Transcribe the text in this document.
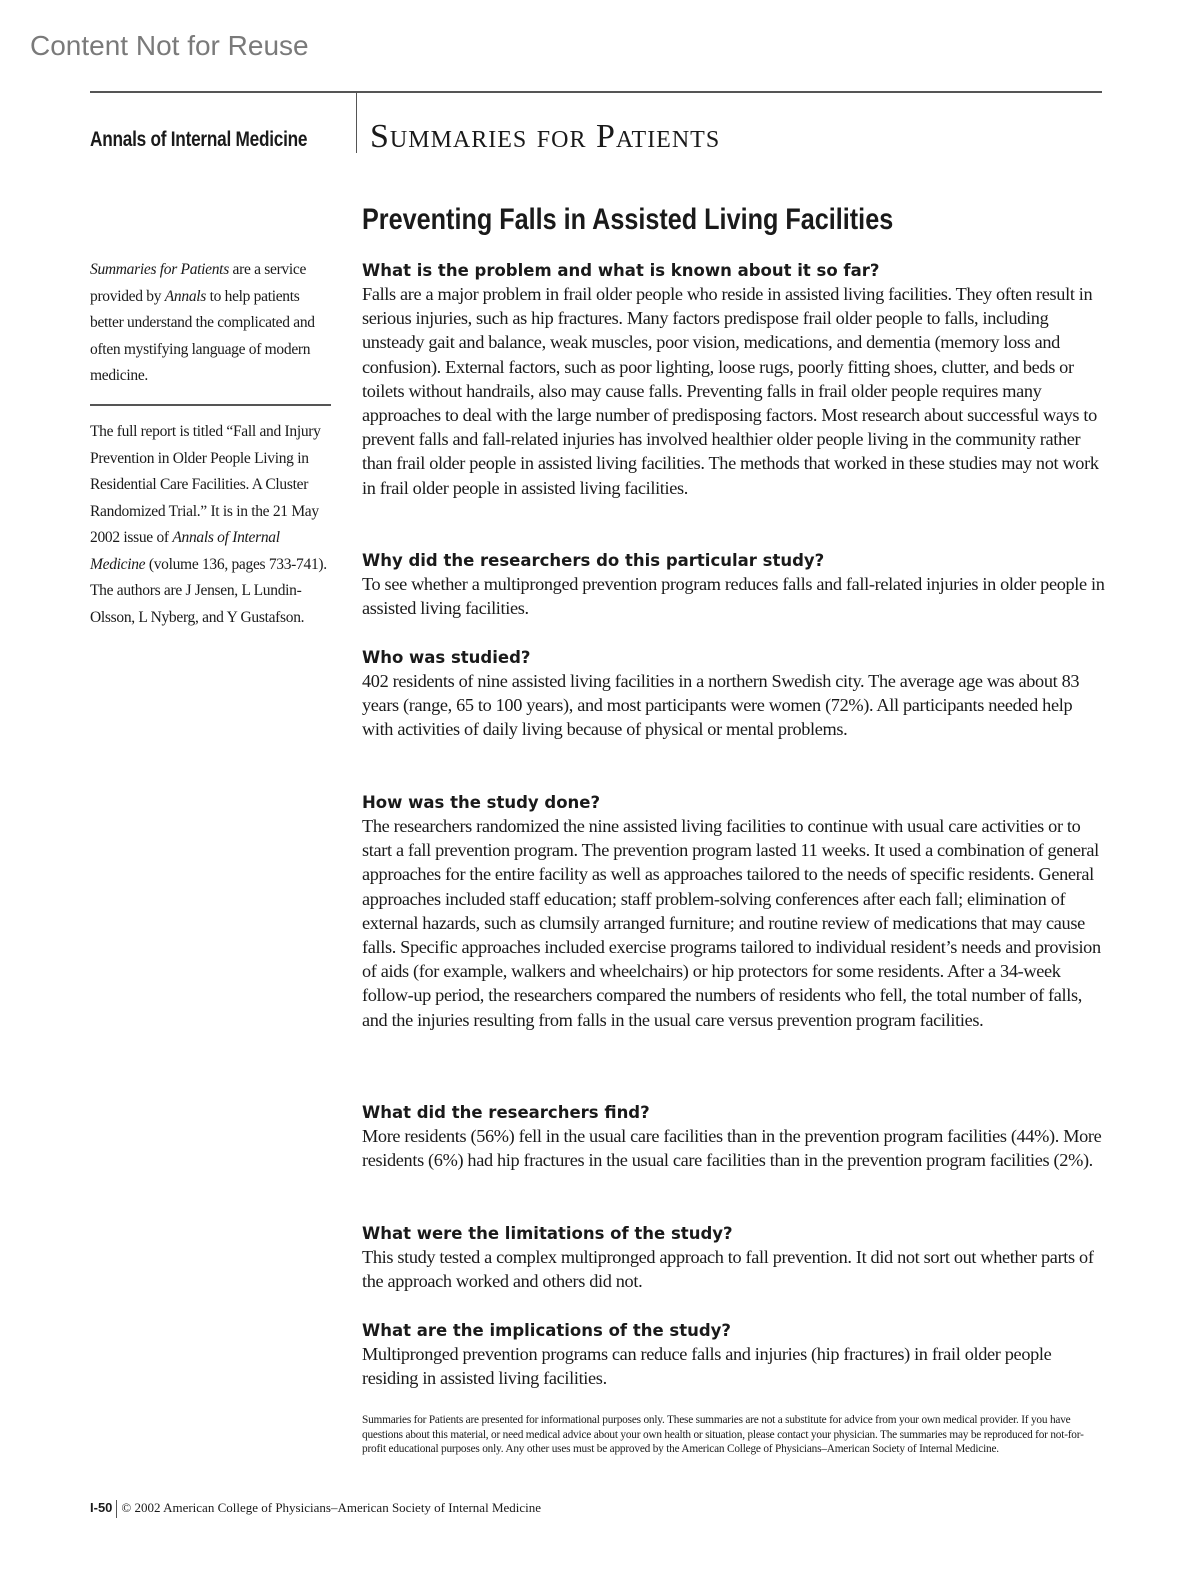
Content Not for Reuse
Annals of Internal Medicine Summaries for Patients
Preventing Falls in Assisted Living Facilities
Summaries for Patients are a service provided by Annals to help patients better understand the complicated and often mystifying language of modern medicine.
The full report is titled “Fall and Injury Prevention in Older People Living in Residential Care Facilities. A Cluster Randomized Trial.” It is in the 21 May 2002 issue of Annals of Internal Medicine (volume 136, pages 733-741). The authors are J Jensen, L Lundin-Olsson, L Nyberg, and Y Gustafson.
What is the problem and what is known about it so far?

Falls are a major problem in frail older people who reside in assisted living facilities. They often result in serious injuries, such as hip fractures. Many factors predispose frail older people to falls, including unsteady gait and balance, weak muscles, poor vision, medications, and dementia (memory loss and confusion). External factors, such as poor lighting, loose rugs, poorly fitting shoes, clutter, and beds or toilets without handrails, also may cause falls. Preventing falls in frail older people requires many approaches to deal with the large number of predisposing factors. Most research about successful ways to prevent falls and fall-related injuries has involved healthier older people living in the community rather than frail older people in assisted living facilities. The methods that worked in these studies may not work in frail older people in assisted living facilities.

Why did the researchers do this particular study?

To see whether a multipronged prevention program reduces falls and fall-related injuries in older people in assisted living facilities.

Who was studied?

402 residents of nine assisted living facilities in a northern Swedish city. The average age was about 83 years (range, 65 to 100 years), and most participants were women (72%). All participants needed help with activities of daily living because of physical or mental problems.

How was the study done?

The researchers randomized the nine assisted living facilities to continue with usual care activities or to start a fall prevention program. The prevention program lasted 11 weeks. It used a combination of general approaches for the entire facility as well as approaches tailored to the needs of specific residents. General approaches included staff education; staff problem-solving conferences after each fall; elimination of external hazards, such as clumsily arranged furniture; and routine review of medications that may cause falls. Specific approaches included exercise programs tailored to individual resident’s needs and provision of aids (for example, walkers and wheelchairs) or hip protectors for some residents. After a 34-week follow-up period, the researchers compared the numbers of residents who fell, the total number of falls, and the injuries resulting from falls in the usual care versus prevention program facilities.

What did the researchers find?

More residents (56%) fell in the usual care facilities than in the prevention program facilities (44%). More residents (6%) had hip fractures in the usual care facilities than in the prevention program facilities (2%).

What were the limitations of the study?

This study tested a complex multipronged approach to fall prevention. It did not sort out whether parts of the approach worked and others did not.

What are the implications of the study?

Multipronged prevention programs can reduce falls and injuries (hip fractures) in frail older people residing in assisted living facilities.

Summaries for Patients are presented for informational purposes only. These summaries are not a substitute for advice from your own medical provider. If you have questions about this material, or need medical advice about your own health or situation, please contact your physician. The summaries may be reproduced for not-for-profit educational purposes only. Any other uses must be approved by the American College of Physicians–American Society of Internal Medicine.
I-50 © 2002 American College of Physicians–American Society of Internal Medicine
